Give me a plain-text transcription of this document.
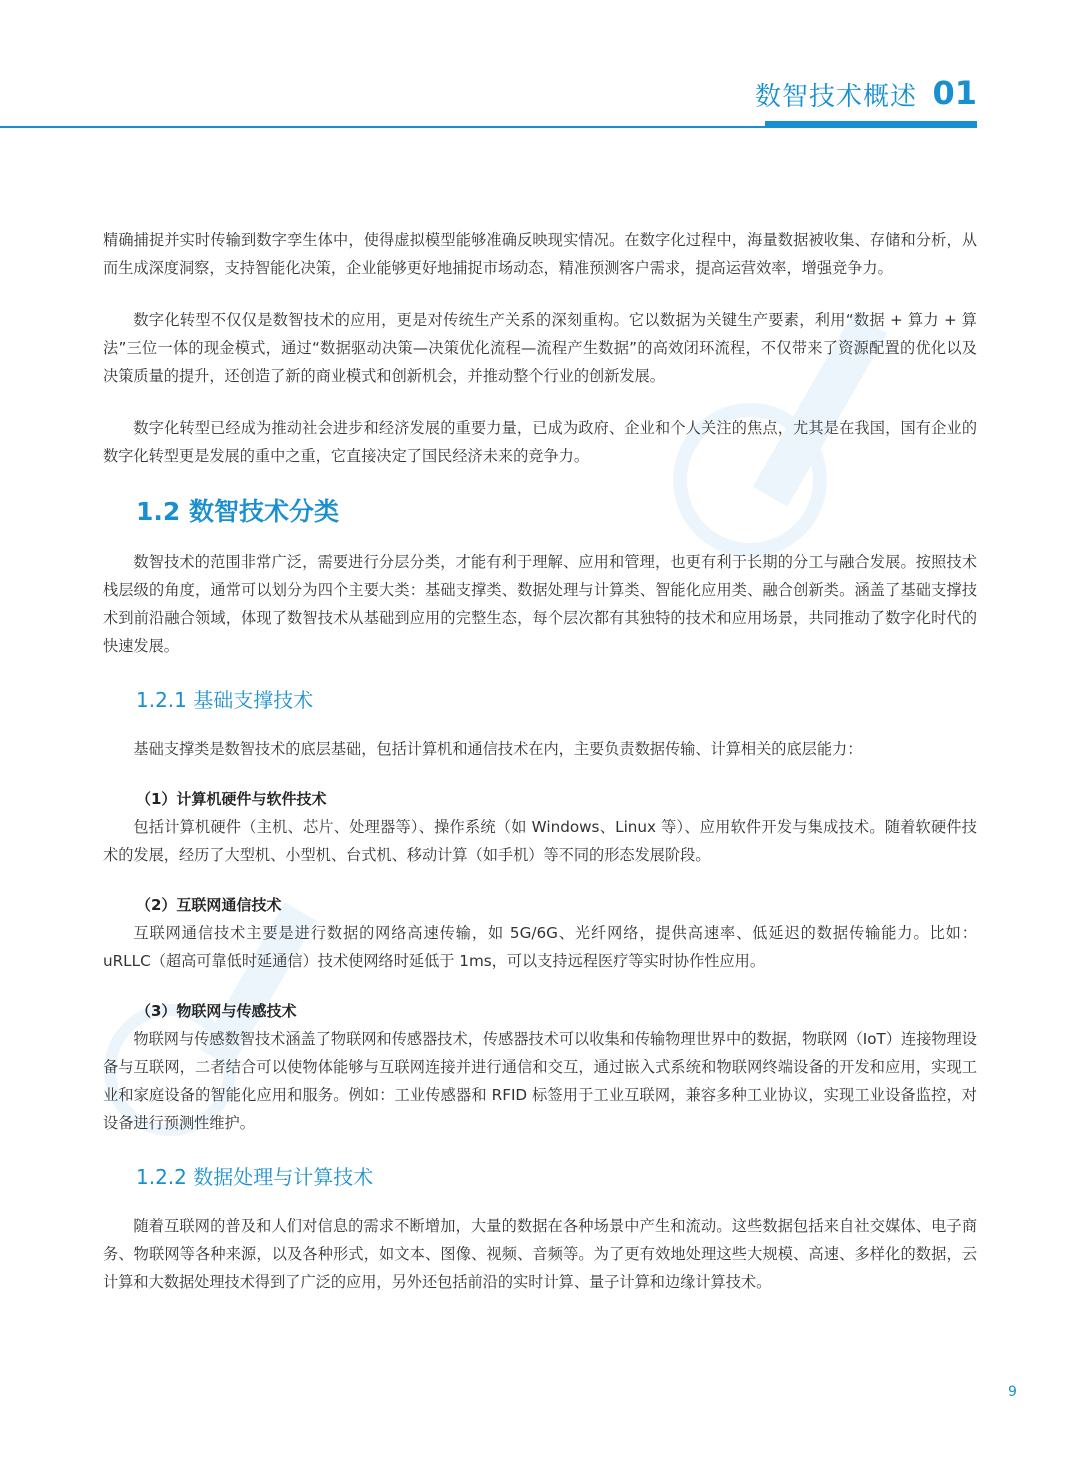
数智技术概述 01

精确捕捉并实时传输到数字孪生体中，使得虚拟模型能够准确反映现实情况。在数字化过程中，海量数据被收集、存储和分析，从而生成深度洞察，支持智能化决策，企业能够更好地捕捉市场动态，精准预测客户需求，提高运营效率，增强竞争力。

数字化转型不仅仅是数智技术的应用，更是对传统生产关系的深刻重构。它以数据为关键生产要素，利用“数据 + 算力 + 算法”三位一体的现金模式，通过“数据驱动决策—决策优化流程—流程产生数据”的高效闭环流程，不仅带来了资源配置的优化以及决策质量的提升，还创造了新的商业模式和创新机会，并推动整个行业的创新发展。

数字化转型已经成为推动社会进步和经济发展的重要力量，已成为政府、企业和个人关注的焦点，尤其是在我国，国有企业的数字化转型更是发展的重中之重，它直接决定了国民经济未来的竞争力。

1.2 数智技术分类

数智技术的范围非常广泛，需要进行分层分类，才能有利于理解、应用和管理，也更有利于长期的分工与融合发展。按照技术栈层级的角度，通常可以划分为四个主要大类：基础支撑类、数据处理与计算类、智能化应用类、融合创新类。涵盖了基础支撑技术到前沿融合领域，体现了数智技术从基础到应用的完整生态，每个层次都有其独特的技术和应用场景，共同推动了数字化时代的快速发展。

1.2.1 基础支撑技术

基础支撑类是数智技术的底层基础，包括计算机和通信技术在内，主要负责数据传输、计算相关的底层能力：

（1）计算机硬件与软件技术

包括计算机硬件（主机、芯片、处理器等）、操作系统（如 Windows、Linux 等）、应用软件开发与集成技术。随着软硬件技术的发展，经历了大型机、小型机、台式机、移动计算（如手机）等不同的形态发展阶段。

（2）互联网通信技术

互联网通信技术主要是进行数据的网络高速传输，如 5G/6G、光纤网络，提供高速率、低延迟的数据传输能力。比如：uRLLC（超高可靠低时延通信）技术使网络时延低于 1ms，可以支持远程医疗等实时协作性应用。

（3）物联网与传感技术

物联网与传感数智技术涵盖了物联网和传感器技术，传感器技术可以收集和传输物理世界中的数据，物联网（IoT）连接物理设备与互联网，二者结合可以使物体能够与互联网连接并进行通信和交互，通过嵌入式系统和物联网终端设备的开发和应用，实现工业和家庭设备的智能化应用和服务。例如：工业传感器和 RFID 标签用于工业互联网，兼容多种工业协议，实现工业设备监控，对设备进行预测性维护。

1.2.2 数据处理与计算技术

随着互联网的普及和人们对信息的需求不断增加，大量的数据在各种场景中产生和流动。这些数据包括来自社交媒体、电子商务、物联网等各种来源，以及各种形式，如文本、图像、视频、音频等。为了更有效地处理这些大规模、高速、多样化的数据，云计算和大数据处理技术得到了广泛的应用，另外还包括前沿的实时计算、量子计算和边缘计算技术。

9
